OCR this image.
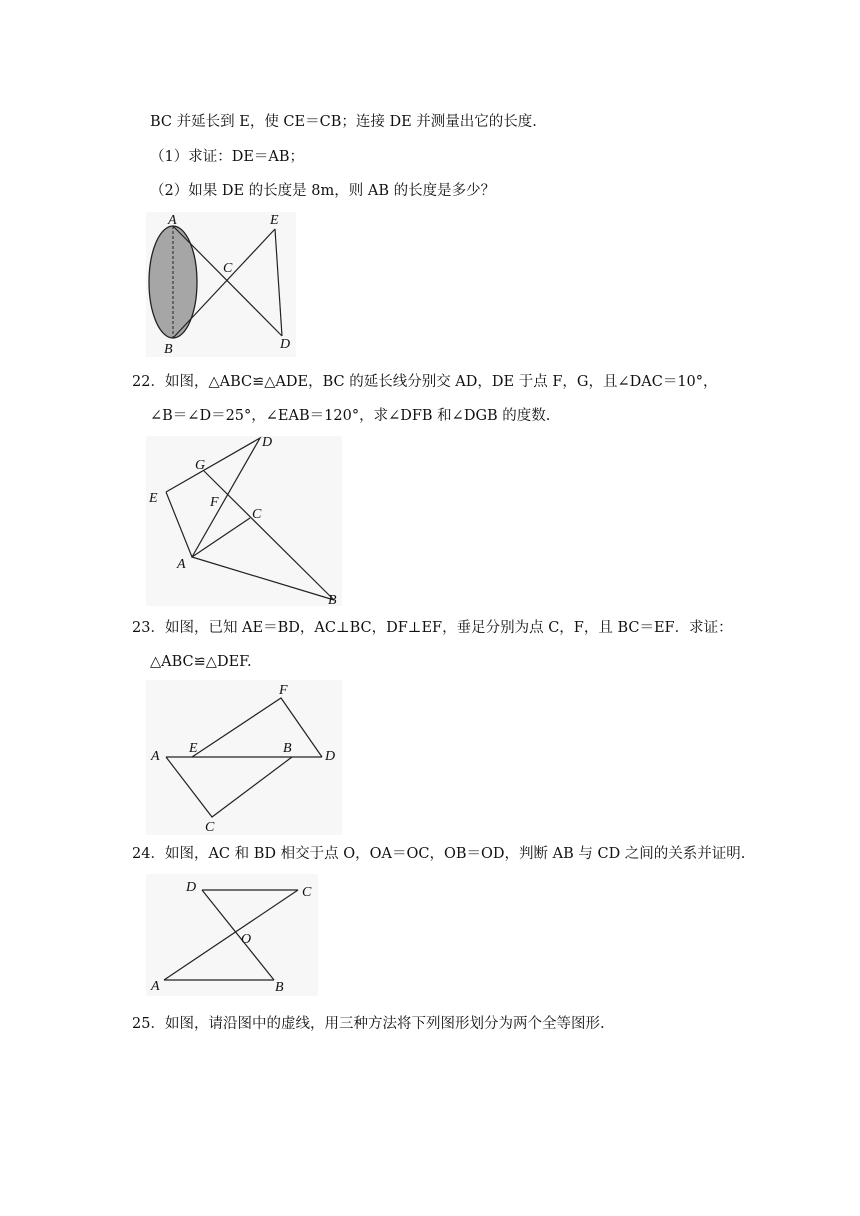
BC 并延长到 E，使 CE＝CB；连接 DE 并测量出它的长度.
（1）求证：DE＝AB；
（2）如果 DE 的长度是 8m，则 AB 的长度是多少？
A
B
C
D
E
22．如图，△ABC≌△ADE，BC 的延长线分别交 AD，DE 于点 F，G，且∠DAC＝10°，
∠B＝∠D＝25°，∠EAB＝120°，求∠DFB 和∠DGB 的度数.
E
G
D
F
C
A
B
23．如图，已知 AE＝BD，AC⊥BC，DF⊥EF，垂足分别为点 C，F，且 BC＝EF．求证：
△ABC≌△DEF.
A
E	B
D
F
C
24．如图，AC 和 BD 相交于点 O，OA＝OC，OB＝OD，判断 AB 与 CD 之间的关系并证明.
D	C
O
A	B
25．如图，请沿图中的虚线，用三种方法将下列图形划分为两个全等图形.
